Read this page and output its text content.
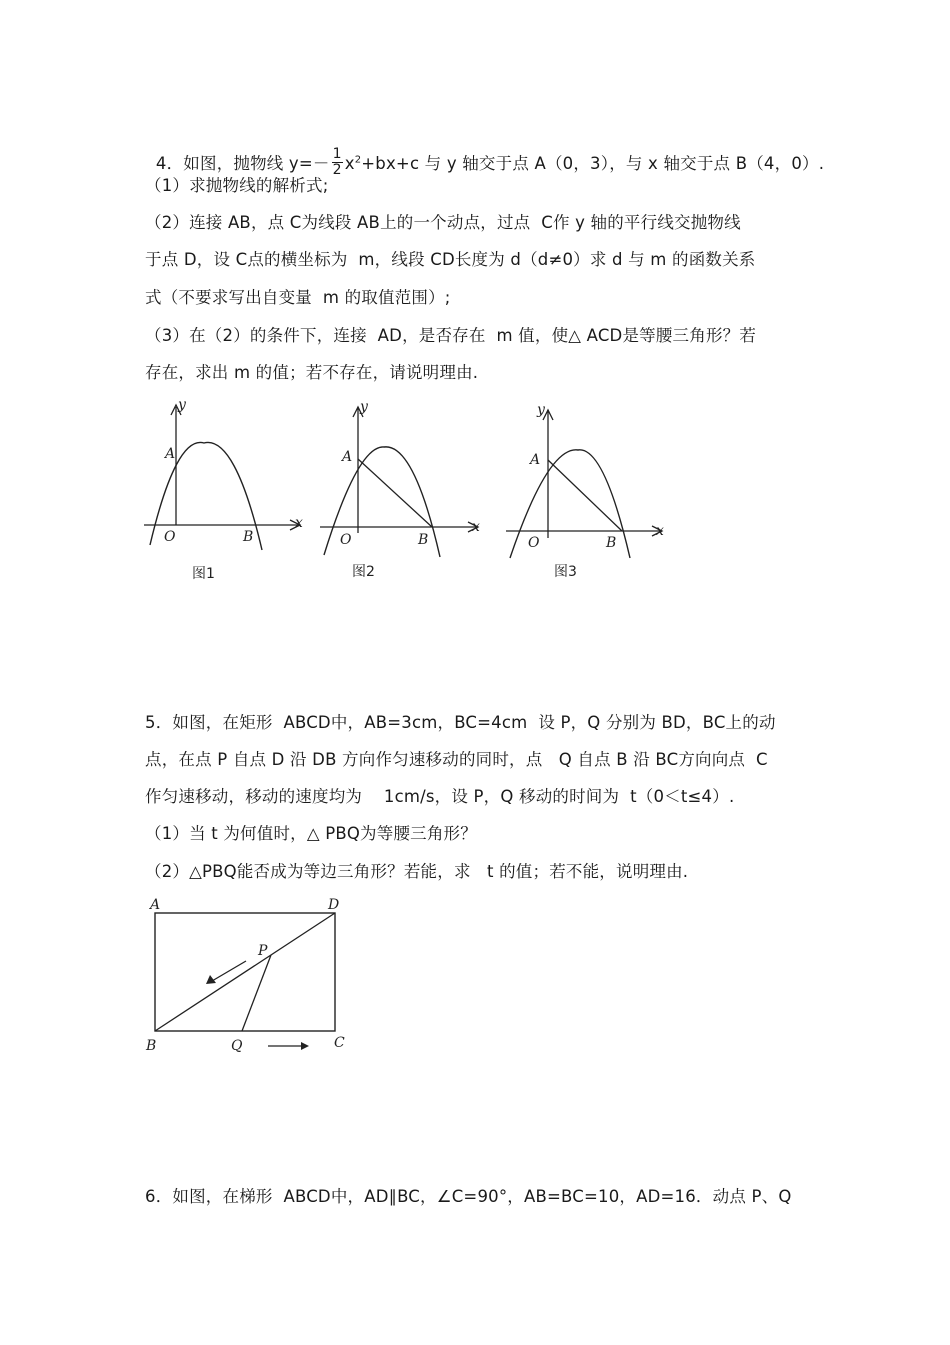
4．如图，抛物线 $y=- \frac{1}{2} x^2+bx+c$ 与 y 轴交于点 A（0，3），与 x 轴交于点 B（4，0）.

（1）求抛物线的解析式;
（2）连接 AB，点 C为线段 AB上的一个动点，过点  C作 y 轴的平行线交抛物线
于点 D，设 C点的横坐标为  m，线段 CD长度为 d（d≠0）求 d 与 m 的函数关系
式（不要求写出自变量  m 的取值范围）;
（3）在（2）的条件下，连接  AD，是否存在  m 值，使△ ACD是等腰三角形？若
存在，求出 m 的值；若不存在，请说明理由.
y
x
A
O	B
图1
y
x
A
O	B
图2
y
x
A
O	B
图3
5．如图，在矩形  ABCD中，AB=3cm，BC=4cm  设 P，Q 分别为 BD，BC上的动
点，在点 P 自点 D 沿 DB 方向作匀速移动的同时，点   Q 自点 B 沿 BC方向向点  C
作匀速移动，移动的速度均为    1cm/s，设 P，Q 移动的时间为  t（0＜t≤4）.
（1）当 t 为何值时，△ PBQ为等腰三角形？
（2）△PBQ能否成为等边三角形？若能，求   t 的值；若不能，说明理由.
A	D
B	C
P
Q
6．如图，在梯形  ABCD中，AD∥BC，∠C=90°，AB=BC=10，AD=16．动点 P、Q
